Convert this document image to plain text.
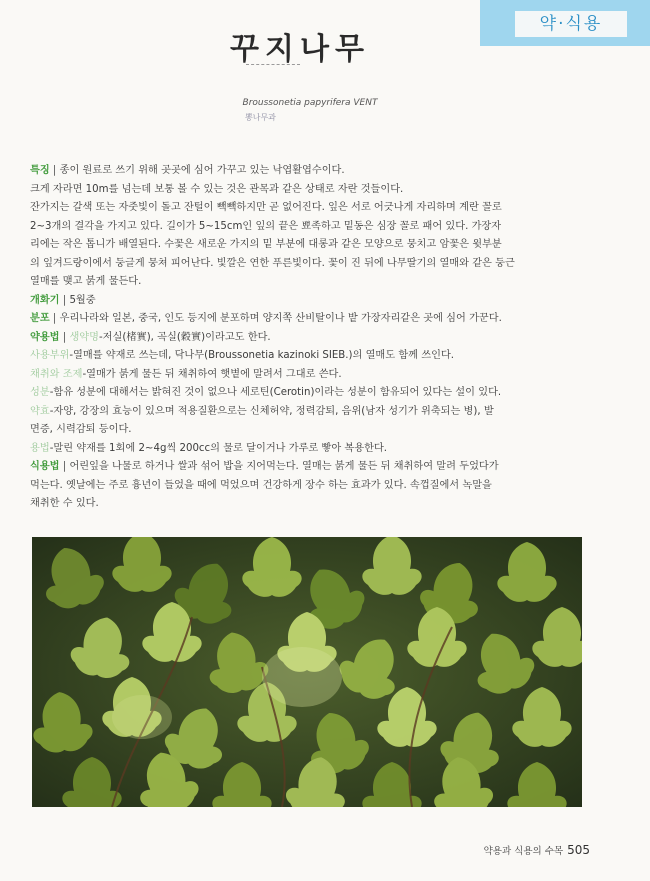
약·식용
꾸지나무
Broussonetia papyrifera VENT
뽕나무과

특징 | 종이 원료로 쓰기 위해 곳곳에 심어 가꾸고 있는 낙엽활엽수이다.

크게 자라면 10m를 넘는데 보통 볼 수 있는 것은 관목과 같은 상태로 자란 것들이다.

잔가지는 갈색 또는 자줏빛이 돌고 잔털이 빽빽하지만 곧 없어진다. 잎은 서로 어긋나게 자리하며 계란 꼴로

2~3개의 결각을 가지고 있다. 길이가 5~15cm인 잎의 끝은 뾰족하고 밑동은 심장 꼴로 패어 있다. 가장자

리에는 작은 톱니가 배열된다. 수꽃은 새로운 가지의 밑 부분에 대롱과 같은 모양으로 뭉치고 암꽃은 윗부분

의 잎겨드랑이에서 둥글게 뭉쳐 피어난다. 빛깔은 연한 푸른빛이다. 꽃이 진 뒤에 나무딸기의 열매와 같은 둥근

열매를 맺고 붉게 물든다.

개화기 | 5월중

분포 | 우리나라와 일본, 중국, 인도 등지에 분포하며 양지쪽 산비탈이나 밭 가장자리같은 곳에 심어 가꾼다.

약용법 | 생약명-저실(楮實), 곡실(穀實)이라고도 한다.

사용부위-열매를 약재로 쓰는데, 닥나무(Broussonetia kazinoki SIEB.)의 열매도 함께 쓰인다.

채취와 조제-열매가 붉게 물든 뒤 채취하여 햇볕에 말려서 그대로 쓴다.

성분-함유 성분에 대해서는 밝혀진 것이 없으나 세로틴(Cerotin)이라는 성분이 함유되어 있다는 설이 있다.

약효-자양, 강장의 효능이 있으며 적용질환으로는 신체허약, 정력감퇴, 음위(남자 성기가 위축되는 병), 발

면증, 시력감퇴 등이다.

용법-말린 약재를 1회에 2~4g씩 200cc의 물로 달이거나 가루로 빻아 복용한다.

식용법 | 어린잎을 나물로 하거나 쌀과 섞어 밥을 지어먹는다. 열매는 붉게 물든 뒤 채취하여 말려 두었다가

먹는다. 옛날에는 주로 흉년이 들었을 때에 먹었으며 건강하게 장수 하는 효과가 있다. 속껍질에서 녹말을

채취한 수 있다.

약용과 식용의 수목 505
